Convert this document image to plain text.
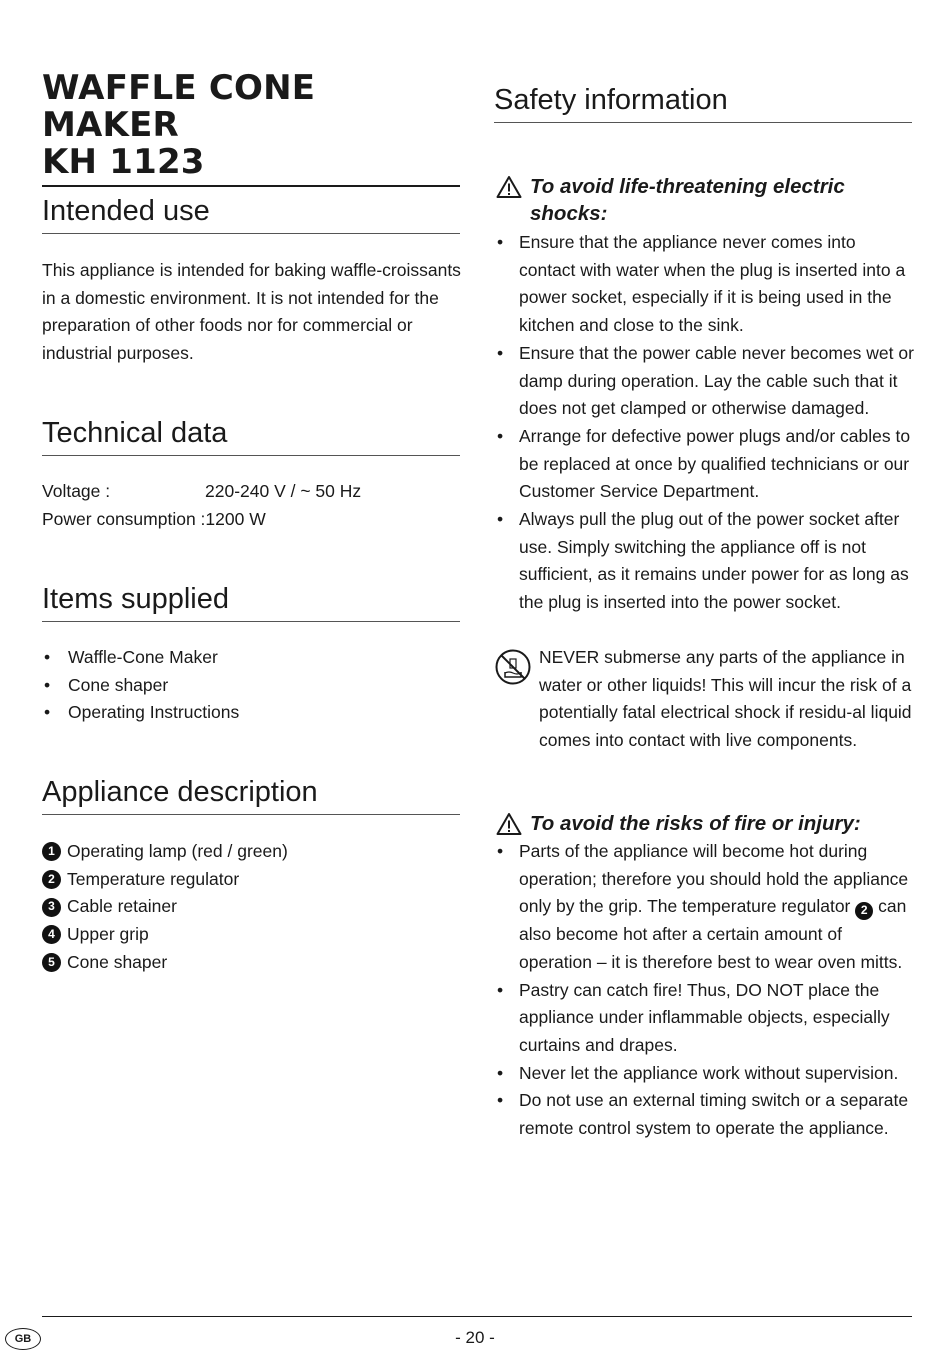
WAFFLE CONE MAKER
KH 1123
Intended use
This appliance is intended for baking waffle-croissants in a domestic environment. It is not intended for the preparation of other foods nor for commercial or industrial purposes.
Technical data
Voltage :	220-240 V / ~ 50 Hz
Power consumption :1200 W
Items supplied
• Waffle-Cone Maker
• Cone shaper
• Operating Instructions
Appliance description
1 Operating lamp (red / green)
2 Temperature regulator
3 Cable retainer
4 Upper grip
5 Cone shaper
Safety information
To avoid life-threatening electric shocks:
• Ensure that the appliance never comes into contact with water when the plug is inserted into a power socket, especially if it is being used in the kitchen and close to the sink.
• Ensure that the power cable never becomes wet or damp during operation. Lay the cable such that it does not get clamped or otherwise damaged.
• Arrange for defective power plugs and/or cables to be replaced at once by qualified technicians or our Customer Service Department.
• Always pull the plug out of the power socket after use. Simply switching the appliance off is not sufficient, as it remains under power for as long as the plug is inserted into the power socket.
NEVER submerse any parts of the appliance in water or other liquids! This will incur the risk of a potentially fatal electrical shock if residu-al liquid comes into contact with live components.
To avoid the risks of fire or injury:
• Parts of the appliance will become hot during operation; therefore you should hold the appliance only by the grip. The temperature regulator 2 can also become hot after a certain amount of operation – it is therefore best to wear oven mitts.
• Pastry can catch fire! Thus, DO NOT place the appliance under inflammable objects, especially curtains and drapes.
• Never let the appliance work without supervision.
• Do not use an external timing switch or a separate remote control system to operate the appliance.
GB	- 20 -
